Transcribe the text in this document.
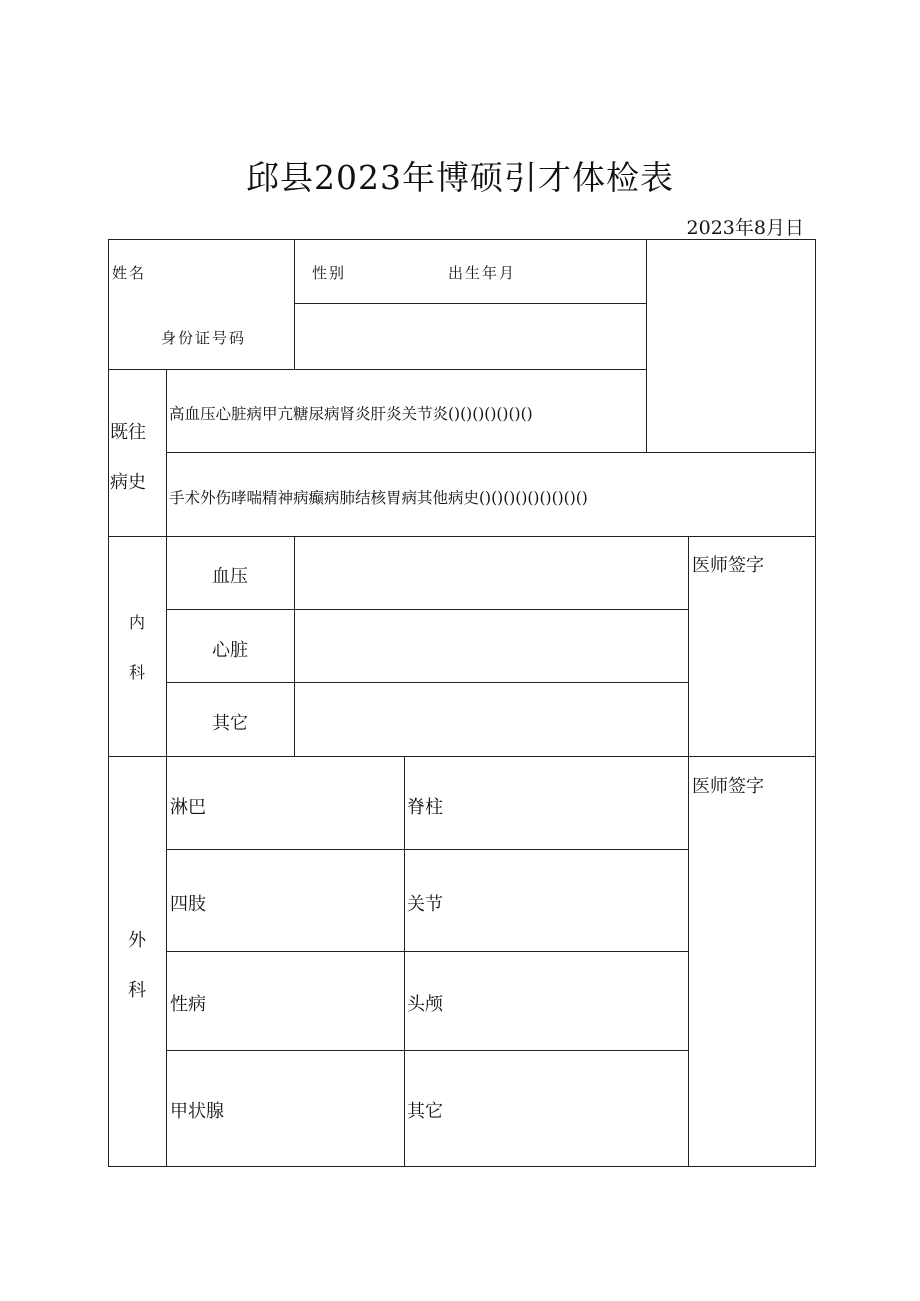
邱县2023年博硕引才体检表
2023年8月日
姓名	性别	出生年月
身份证号码
既往
病史
高血压心脏病甲亢糖尿病肾炎肝炎关节炎()()()()()()()
手术外伤哮喘精神病癫病肺结核胃病其他病史()()()()()()()()()
内
科
血压
心脏
其它
医师签字
外
科
淋巴
四肢
性病
甲状腺
脊柱
关节
头颅
其它
医师签字
